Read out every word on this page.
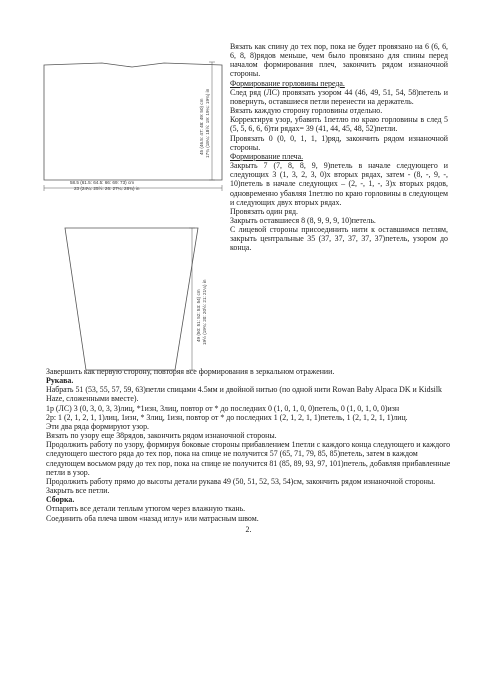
58.5 (61.5: 64.5: 66: 69: 73) cm
23 (24¼: 25½: 26: 27¼: 28¾) in
45 (46.5: 47: 48: 49: 50) cm 17¾ (18¼: 18½: 19: 19¼: 19¾) in
49 (50: 51: 52: 53: 54) cm 19½ (19¾: 20: 20½: 21: 21¼) in

Вязать как спину до тех пор, пока не будет провязано на 6 (6, 6, 6, 8, 8)рядов меньше, чем было провязано для спины перед началом формирования плеч, закончить рядом изнаночной стороны.

Формирование горловины переда.

След ряд (ЛС) провязать узором 44 (46, 49, 51, 54, 58)петель и повернуть, оставшиеся петли перенести на держатель.

Вязать каждую сторону горловины отдельно.

Корректируя узор, убавить 1петлю по краю горловины в след 5 (5, 5, 6, 6, 6)ти рядах= 39 (41, 44, 45, 48, 52)петли.

Провязать 0 (0, 0, 1, 1, 1)ряд, закончить рядом изнаночной стороны.

Формирование плеча.

Закрыть 7 (7, 8, 8, 9, 9)петель в начале следующего и следующих 3 (1, 3, 2, 3, 0)х вторых рядах, затем - (8, -, 9, -, 10)петель в начале следующих – (2, -, 1, -, 3)х вторых рядов, одновременно убавляя 1петлю по краю горловины в следующем и следующих двух вторых рядах.

Провязать один ряд.

Закрыть оставшиеся 8 (8, 9, 9, 9, 10)петель.

С лицевой стороны присоединить нити к оставшимся петлям, закрыть центральные 35 (37, 37, 37, 37, 37)петель, узором до конца.

Завершить как первую сторону, повторяя все формирования в зеркальном отражении.

Рукава.

Набрать 51 (53, 55, 57, 59, 63)петли спицами 4.5мм и двойной нитью (по одной нити Rowan Baby Alpaca DK и Kidsilk Haze, сложенными вместе).

1р (ЛС) 3 (0, 3, 0, 3, 3)лиц, *1изн, 3лиц, повтор от * до последних 0 (1, 0, 1, 0, 0)петель, 0 (1, 0, 1, 0, 0)изн

2р: 1 (2, 1, 2, 1, 1)лиц, 1изн, * 3лиц, 1изн, повтор от * до последних 1 (2, 1, 2, 1, 1)петель, 1 (2, 1, 2, 1, 1)лиц.

Эти два ряда формируют узор.

Вязать по узору еще 38рядов, закончить рядом изнаночной стороны.

Продолжить работу по узору, формируя боковые стороны прибавлением 1петли с каждого конца следующего и каждого следующего шестого ряда до тех пор, пока на спице не получится 57 (65, 71, 79, 85, 85)петель, затем в каждом следующем восьмом ряду до тех пор, пока на спице не получится 81 (85, 89, 93, 97, 101)петель, добавляя прибавленные петли в узор.

Продолжить работу прямо до высоты детали рукава 49 (50, 51, 52, 53, 54)см, закончить рядом изнаночной стороны.

Закрыть все петли.

Сборка.

Отпарить все детали теплым утюгом через влажную ткань.

Соединить оба плеча швом «назад иглу» или матрасным швом.

2.
